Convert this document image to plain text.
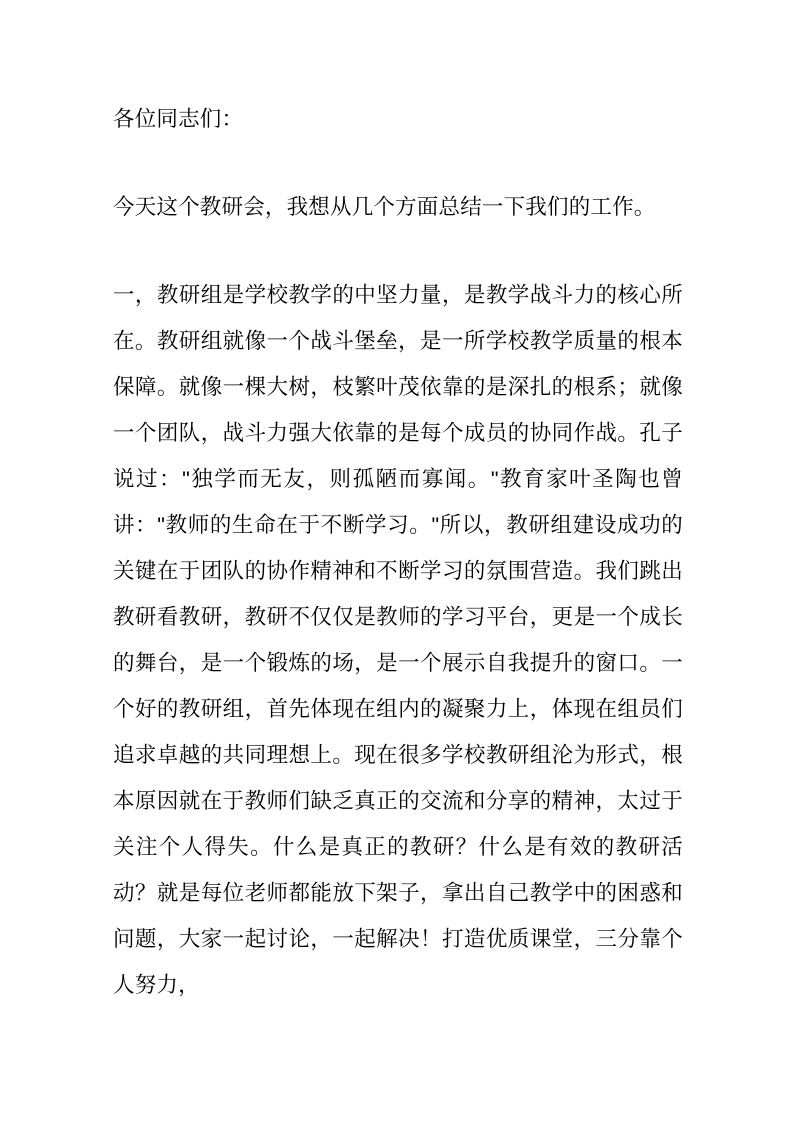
各位同志们：

今天这个教研会，我想从几个方面总结一下我们的工作。

一，教研组是学校教学的中坚力量，是教学战斗力的核心所在。教研组就像一个战斗堡垒，是一所学校教学质量的根本保障。就像一棵大树，枝繁叶茂依靠的是深扎的根系；就像一个团队，战斗力强大依靠的是每个成员的协同作战。孔子说过："独学而无友，则孤陋而寡闻。"教育家叶圣陶也曾讲："教师的生命在于不断学习。"所以，教研组建设成功的关键在于团队的协作精神和不断学习的氛围营造。我们跳出教研看教研，教研不仅仅是教师的学习平台，更是一个成长的舞台，是一个锻炼的场，是一个展示自我提升的窗口。一个好的教研组，首先体现在组内的凝聚力上，体现在组员们追求卓越的共同理想上。现在很多学校教研组沦为形式，根本原因就在于教师们缺乏真正的交流和分享的精神，太过于关注个人得失。什么是真正的教研？什么是有效的教研活动？就是每位老师都能放下架子，拿出自己教学中的困惑和问题，大家一起讨论，一起解决！打造优质课堂，三分靠个人努力，
